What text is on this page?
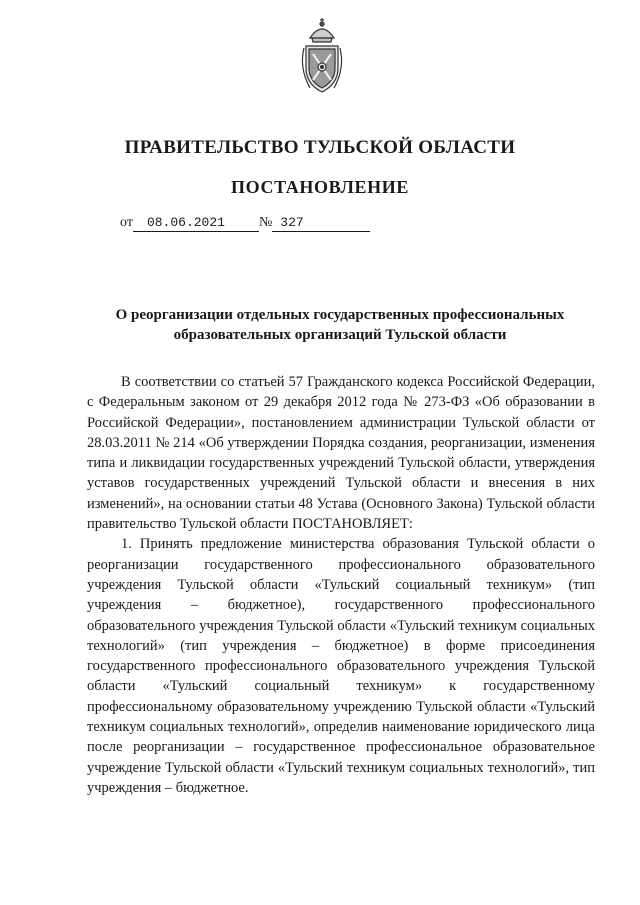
ПРАВИТЕЛЬСТВО ТУЛЬСКОЙ ОБЛАСТИ
ПОСТАНОВЛЕНИЕ
от 08.06.2021 № 327
О реорганизации отдельных государственных профессиональных
образовательных организаций Тульской области

В соответствии со статьей 57 Гражданского кодекса Российской Федерации, с Федеральным законом от 29 декабря 2012 года № 273-ФЗ «Об образовании в Российской Федерации», постановлением администрации Тульской области от 28.03.2011 № 214 «Об утверждении Порядка создания, реорганизации, изменения типа и ликвидации государственных учреждений Тульской области, утверждения уставов государственных учреждений Тульской области и внесения в них изменений», на основании статьи 48 Устава (Основного Закона) Тульской области правительство Тульской области ПОСТАНОВЛЯЕТ:

1. Принять предложение министерства образования Тульской области о реорганизации государственного профессионального образовательного учреждения Тульской области «Тульский социальный техникум» (тип учреждения – бюджетное), государственного профессионального образовательного учреждения Тульской области «Тульский техникум социальных технологий» (тип учреждения – бюджетное) в форме присоединения государственного профессионального образовательного учреждения Тульской области «Тульский социальный техникум» к государственному профессиональному образовательному учреждению Тульской области «Тульский техникум социальных технологий», определив наименование юридического лица после реорганизации – государственное профессиональное образовательное учреждение Тульской области «Тульский техникум социальных технологий», тип учреждения – бюджетное.
